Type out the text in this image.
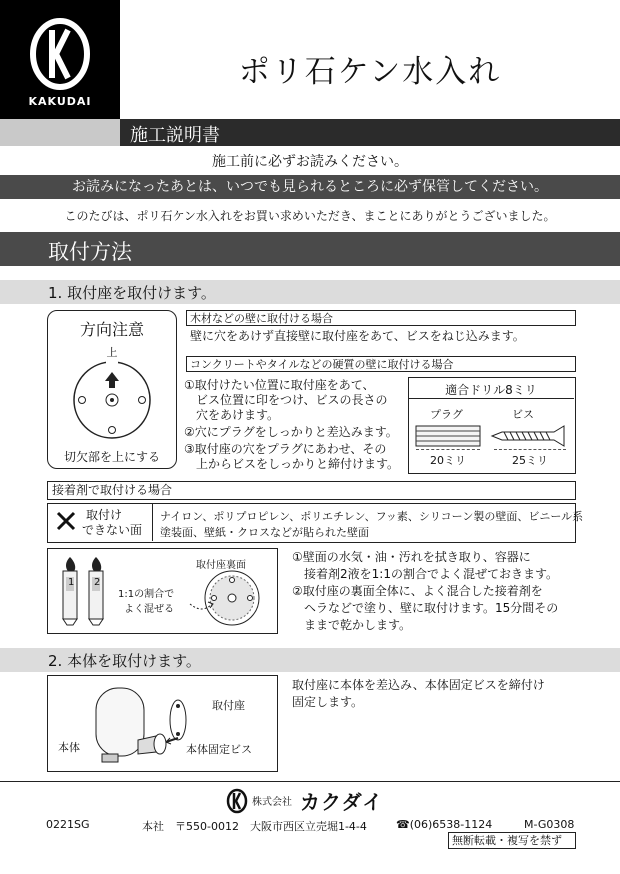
KAKUDAI
ポリ石ケン水入れ
施工説明書
施工前に必ずお読みください。
お読みになったあとは、いつでも見られるところに必ず保管してください。
このたびは、ポリ石ケン水入れをお買い求めいただき、まことにありがとうございました。
取付方法
1. 取付座を取付けます。
方向注意
上
切欠部を上にする
木材などの壁に取付ける場合
壁に穴をあけず直接壁に取付座をあて、ビスをねじ込みます。
コンクリートやタイルなどの硬質の壁に取付ける場合
①取付けたい位置に取付座をあて、
ビス位置に印をつけ、ビスの長さの
穴をあけます。
②穴にプラグをしっかりと差込みます。
③取付座の穴をプラグにあわせ、その
上からビスをしっかりと締付けます。
適合ドリル8ミリ
プラグ	ビス
20ミリ	25ミリ
接着剤で取付ける場合
取付け
できない面
ナイロン、ポリプロピレン、ポリエチレン、フッ素、シリコーン製の壁面、ビニール系
塗装面、壁紙・クロスなどが貼られた壁面
1 2
1:1の割合で
よく混ぜる
取付座裏面
①壁面の水気・油・汚れを拭き取り、容器に
接着剤2液を1:1の割合でよく混ぜておきます。
②取付座の裏面全体に、よく混合した接着剤を
ヘラなどで塗り、壁に取付けます。15分間その
ままで乾かします。
2. 本体を取付けます。
取付座
本体	本体固定ビス
取付座に本体を差込み、本体固定ビスを締付け
固定します。
株式会社 カクダイ
0221SG	本社　〒550-0012　大阪市西区立売堀1-4-4	☎(06)6538-1124	M-G0308
無断転載・複写を禁ず
